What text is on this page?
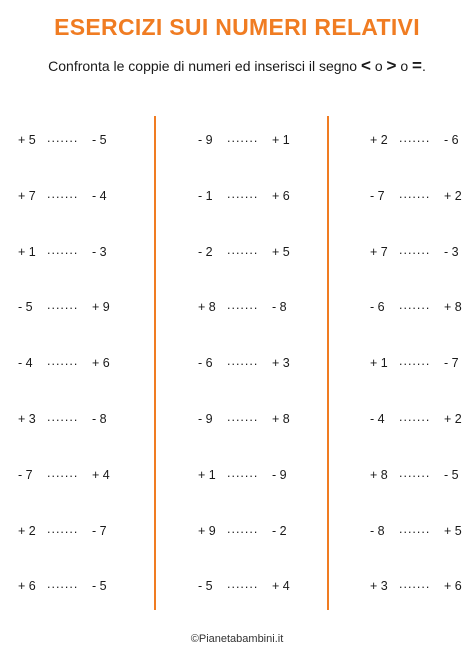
ESERCIZI SUI NUMERI RELATIVI
Confronta le coppie di numeri ed inserisci il segno < o > o =.
+ 5 ....... - 5
+ 7 ....... - 4
+ 1 ....... - 3
- 5 ....... + 9
- 4 ....... + 6
+ 3 ....... - 8
- 7 ....... + 4
+ 2 ....... - 7
+ 6 ....... - 5
- 9 ....... + 1
- 1 ....... + 6
- 2 ....... + 5
+ 8 ....... - 8
- 6 ....... + 3
- 9 ....... + 8
+ 1 ....... - 9
+ 9 ....... - 2
- 5 ....... + 4
+ 2 ....... - 6
- 7 ....... + 2
+ 7 ....... - 3
- 6 ....... + 8
+ 1 ....... - 7
- 4 ....... + 2
+ 8 ....... - 5
- 8 ....... + 5
+ 3 ....... + 6
©Pianetabambini.it
